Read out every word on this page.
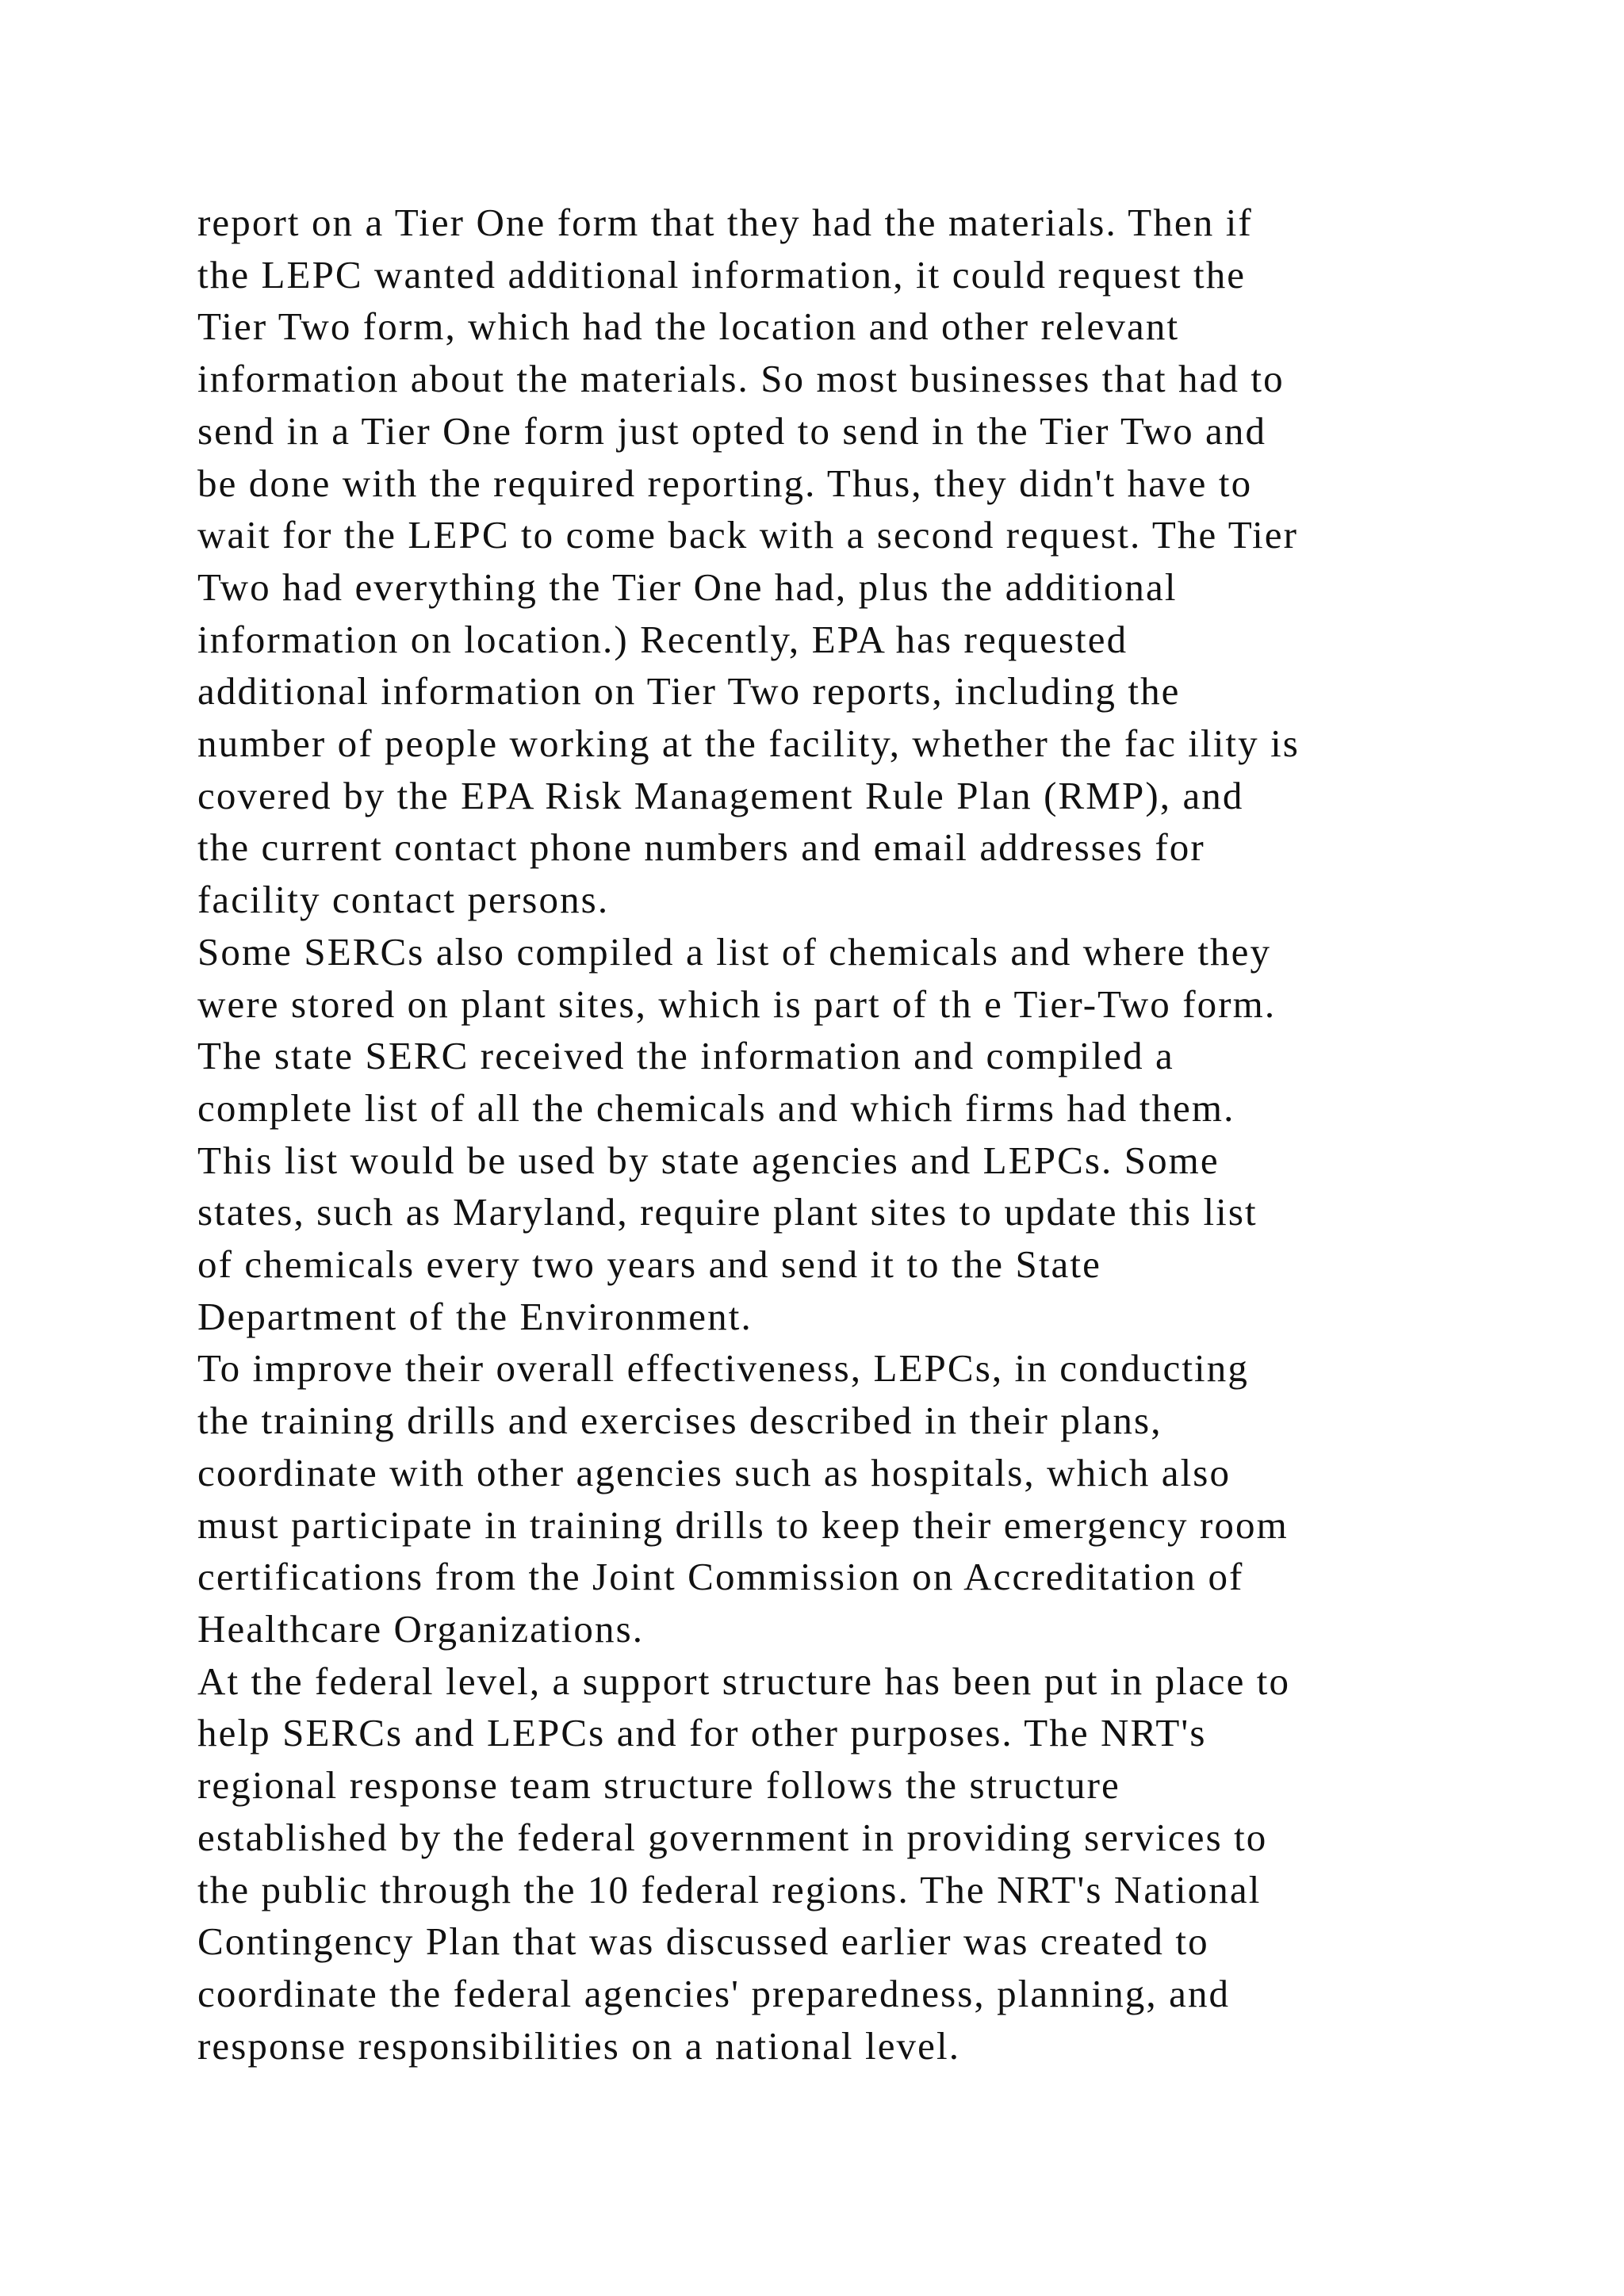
report on a Tier One form that they had the materials. Then if
the LEPC wanted additional information, it could request the
Tier Two form, which had the location and other relevant
information about the materials. So most businesses that had to
send in a Tier One form just opted to send in the Tier Two and
be done with the required reporting. Thus, they didn't have to
wait for the LEPC to come back with a second request. The Tier
Two had everything the Tier One had, plus the additional
information on location.) Recently, EPA has requested
additional information on Tier Two reports, including the
number of people working at the facility, whether the fac ility is
covered by the EPA Risk Management Rule Plan (RMP), and
the current contact phone numbers and email addresses for
facility contact persons.
Some SERCs also compiled a list of chemicals and where they
were stored on plant sites, which is part of th e Tier-Two form.
The state SERC received the information and compiled a
complete list of all the chemicals and which firms had them.
This list would be used by state agencies and LEPCs. Some
states, such as Maryland, require plant sites to update this list
of chemicals every two years and send it to the State
Department of the Environment.
To improve their overall effectiveness, LEPCs, in conducting
the training drills and exercises described in their plans,
coordinate with other agencies such as hospitals, which also
must participate in training drills to keep their emergency room
certifications from the Joint Commission on Accreditation of
Healthcare Organizations.
At the federal level, a support structure has been put in place to
help SERCs and LEPCs and for other purposes. The NRT's
regional response team structure follows the structure
established by the federal government in providing services to
the public through the 10 federal regions. The NRT's National
Contingency Plan that was discussed earlier was created to
coordinate the federal agencies' preparedness, planning, and
response responsibilities on a national level.
